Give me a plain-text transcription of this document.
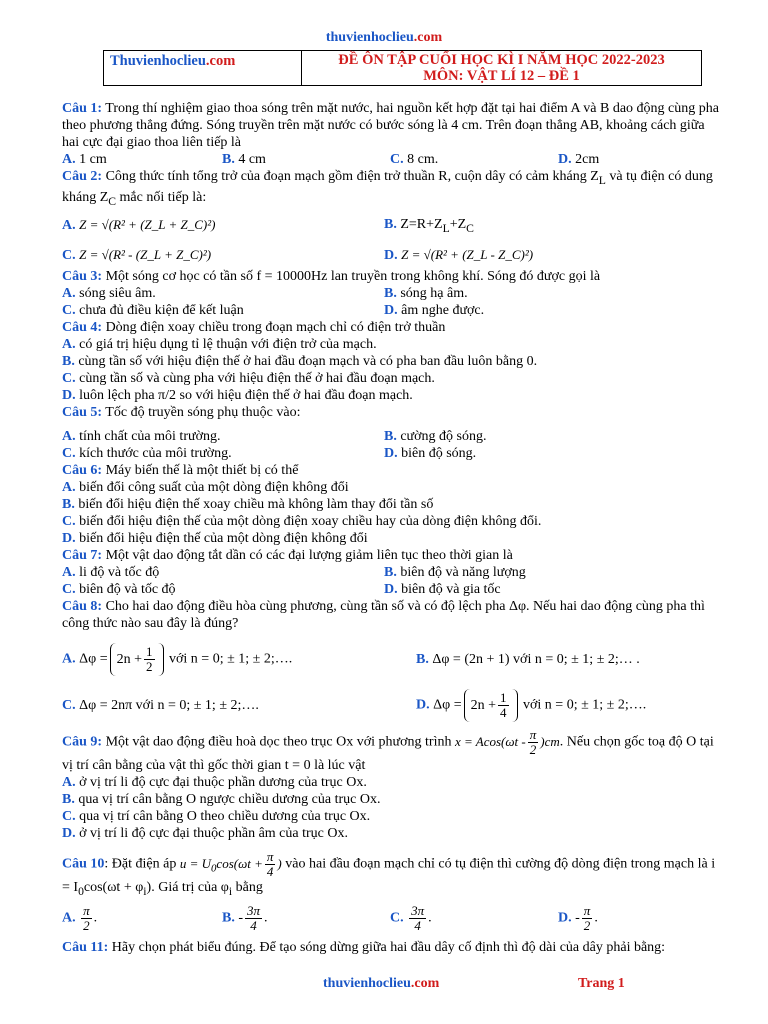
thuvienhoclieu.com
Thuvienhoclieu.com	ĐỀ ÔN TẬP CUỐI HỌC KÌ I NĂM HỌC 2022-2023
MÔN: VẬT LÍ 12 – ĐỀ 1

Câu 1: Trong thí nghiệm giao thoa sóng trên mặt nước, hai nguồn kết hợp đặt tại hai điểm A và B dao động cùng pha theo phương thẳng đứng. Sóng truyền trên mặt nước có bước sóng là 4 cm. Trên đoạn thẳng AB, khoảng cách giữa hai cực đại giao thoa liên tiếp là

A. 1 cm	B. 4 cm	C. 8 cm.	D. 2cm

Câu 2: Công thức tính tổng trở của đoạn mạch gồm điện trở thuần R, cuộn dây có cảm kháng $Z_L$ và tụ điện có dung kháng $Z_C$ mắc nối tiếp là:

A. Z = √(R² + (Z_L + Z_C)²)	B. $Z=R+Z_L+Z_C$
C. Z = √(R² - (Z_L + Z_C)²)	D. Z = √(R² + (Z_L - Z_C)²)

Câu 3: Một sóng cơ học có tần số f = 10000Hz lan truyền trong không khí. Sóng đó được gọi là

A. sóng siêu âm.	B. sóng hạ âm.
C. chưa đủ điều kiện để kết luận	D. âm nghe được.

Câu 4: Dòng điện xoay chiều trong đoạn mạch chỉ có điện trở thuần

A. có giá trị hiệu dụng tỉ lệ thuận với điện trở của mạch.
B. cùng tần số với hiệu điện thế ở hai đầu đoạn mạch và có pha ban đầu luôn bằng 0.
C. cùng tần số và cùng pha với hiệu điện thế ở hai đầu đoạn mạch.
D. luôn lệch pha π/2 so với hiệu điện thế ở hai đầu đoạn mạch.

Câu 5: Tốc độ truyền sóng phụ thuộc vào:

A. tính chất của môi trường.	B. cường độ sóng.
C. kích thước của môi trường.	D. biên độ sóng.

Câu 6: Máy biến thế là một thiết bị có thể

A. biến đổi công suất của một dòng điện không đổi
B. biến đổi hiệu điện thế xoay chiều mà không làm thay đổi tần số
C. biến đổi hiệu điện thế của một dòng điện xoay chiều hay của dòng điện không đổi.
D. biến đổi hiệu điện thế của một dòng điện không đổi

Câu 7: Một vật dao động tắt dần có các đại lượng giảm liên tục theo thời gian là

A. li độ và tốc độ	B. biên độ và năng lượng
C. biên độ và tốc độ	D. biên độ và gia tốc

Câu 8: Cho hai dao động điều hòa cùng phương, cùng tần số và có độ lệch pha Δφ. Nếu hai dao động cùng pha thì công thức nào sau đây là đúng?

A. $\Delta\varphi = 2n + \frac{1}{2}$ với n = 0; ± 1; ± 2;….	B. Δφ = (2n + 1) với n = 0; ± 1; ± 2;… .
C. Δφ = 2nπ với n = 0; ± 1; ± 2;….	D. $\Delta\varphi = 2n + \frac{1}{4}$ với n = 0; ± 1; ± 2;….

Câu 9: Một vật dao động điều hoà dọc theo trục Ox với phương trình $x = Acos(\omega t - \frac{\pi}{2} )cm$. Nếu chọn gốc toạ độ O tại vị trí cân bằng của vật thì gốc thời gian t = 0 là lúc vật

A. ở vị trí li độ cực đại thuộc phần dương của trục Ox.
B. qua vị trí cân bằng O ngược chiều dương của trục Ox.
C. qua vị trí cân bằng O theo chiều dương của trục Ox.
D. ở vị trí li độ cực đại thuộc phần âm của trục Ox.

Câu 10: Đặt điện áp $u = U_0\cos(\omega t + \frac{\pi}{4}$ ) vào hai đầu đoạn mạch chỉ có tụ điện thì cường độ dòng điện trong mạch là $i = I_0\cos(\omega t + \varphi_i)$. Giá trị của $\varphi_i$ bằng

A. $\frac{\pi}{2}$ .	B. - $\frac{3\pi}{4}$ .	C. $\frac{3\pi}{4}$ .	D. - $\frac{\pi}{2}$ .

Câu 11: Hãy chọn phát biểu đúng. Để tạo sóng dừng giữa hai đầu dây cố định thì độ dài của dây phải bằng:

thuvienhoclieu.com	Trang 1
